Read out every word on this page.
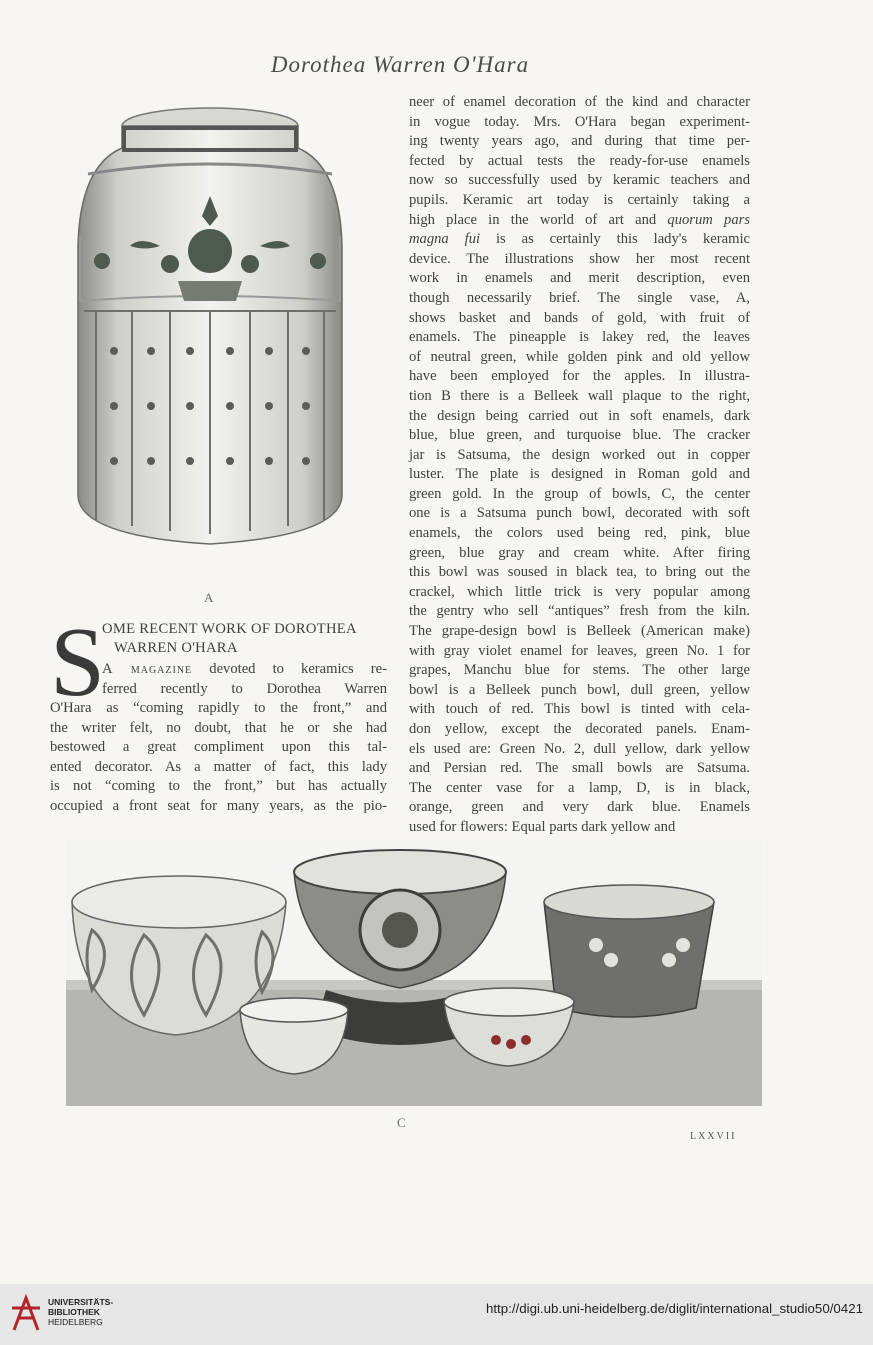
Dorothea Warren O'Hara
A
S
OME RECENT WORK OF DOROTHEA
WARREN O'HARA
A magazine devoted to keramics re-
ferred recently to Dorothea Warren
O'Hara as “coming rapidly to the front,” and
the writer felt, no doubt, that he or she had
bestowed a great compliment upon this tal-
ented decorator. As a matter of fact, this lady
is not “coming to the front,” but has actually
occupied a front seat for many years, as the pio-
neer of enamel decoration of the kind and character
in vogue today. Mrs. O'Hara began experiment-
ing twenty years ago, and during that time per-
fected by actual tests the ready-for-use enamels
now so successfully used by keramic teachers and
pupils. Keramic art today is certainly taking a
high place in the world of art and quorum pars
magna fui is as certainly this lady's keramic
device. The illustrations show her most recent
work in enamels and merit description, even
though necessarily brief. The single vase, A,
shows basket and bands of gold, with fruit of
enamels. The pineapple is lakey red, the leaves
of neutral green, while golden pink and old yellow
have been employed for the apples. In illustra-
tion B there is a Belleek wall plaque to the right,
the design being carried out in soft enamels, dark
blue, blue green, and turquoise blue. The cracker
jar is Satsuma, the design worked out in copper
luster. The plate is designed in Roman gold and
green gold. In the group of bowls, C, the center
one is a Satsuma punch bowl, decorated with soft
enamels, the colors used being red, pink, blue
green, blue gray and cream white. After firing
this bowl was soused in black tea, to bring out the
crackel, which little trick is very popular among
the gentry who sell “antiques” fresh from the kiln.
The grape-design bowl is Belleek (American make)
with gray violet enamel for leaves, green No. 1 for
grapes, Manchu blue for stems. The other large
bowl is a Belleek punch bowl, dull green, yellow
with touch of red. This bowl is tinted with cela-
don yellow, except the decorated panels. Enam-
els used are: Green No. 2, dull yellow, dark yellow
and Persian red. The small bowls are Satsuma.
The center vase for a lamp, D, is in black,
orange, green and very dark blue. Enamels
used for flowers: Equal parts dark yellow and
C
LXXVII
UNIVERSITÄTS-
BIBLIOTHEK
HEIDELBERG
http://digi.ub.uni-heidelberg.de/diglit/international_studio50/0421
